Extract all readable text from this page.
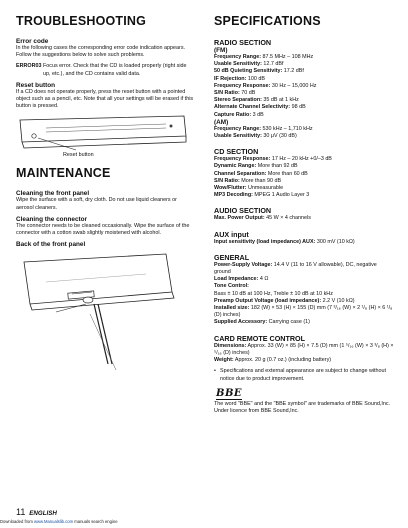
TROUBLESHOOTING
Error code

In the following cases the corresponding error code indication appears. Follow the suggestions below to solve such problems.

ERROR03 Focus error. Check that the CD is loaded properly (right side up, etc.), and the CD contains valid data.
Reset button

If a CD does not operate properly, press the reset button with a pointed object such as a pencil, etc. Note that all your settings will be erased if this button is pressed.

Reset button
MAINTENANCE
Cleaning the front panel

Wipe the surface with a soft, dry cloth. Do not use liquid cleaners or aerosol cleaners.

Cleaning the connector

The connector needs to be cleaned occasionally. Wipe the surface of the connector with a cotton swab slightly moistened with alcohol.

Back of the front panel
SPECIFICATIONS
RADIO SECTION
(FM)
Frequency Range: 87.5 MHz – 108 MHz
Usable Sensitivity: 12.7 dBf
50 dB Quieting Sensitivity: 17.2 dBf
IF Rejection: 100 dB
Frequency Response: 30 Hz – 15,000 Hz
S/N Ratio: 70 dB
Stereo Separation: 35 dB at 1 kHz
Alternate Channel Selectivity: 98 dB
Capture Ratio: 3 dB
(AM)
Frequency Range: 530 kHz – 1,710 kHz
Usable Sensitivity: 30 μV (30 dB)
CD SECTION
Frequency Response: 17 Hz – 20 kHz +0/–3 dB
Dynamic Range: More than 92 dB
Channel Separation: More than 60 dB
S/N Ratio: More than 90 dB
Wow/Flutter: Unmeasurable
MP3 Decoding: MPEG 1 Audio Layer 3
AUDIO SECTION
Max. Power Output: 45 W × 4 channels
AUX input
Input sensitivity (load impedance) AUX: 300 mV (10 kΩ)
GENERAL
Power-Supply Voltage: 14.4 V (11 to 16 V allowable), DC, negative ground
Load Impedance: 4 Ω
Tone Control:
Bass ± 10 dB at 100 Hz, Treble ± 10 dB at 10 kHz
Preamp Output Voltage (load impedance): 2.2 V (10 kΩ)
Installed size: 182 (W) × 53 (H) × 155 (D) mm (7 ³/₁₆ (W) × 2 ¹/₈ (H) × 6 ¹/₈ (D) inches)
Supplied Accessory: Carrying case (1)
CARD REMOTE CONTROL
Dimensions: Approx. 33 (W) × 85 (H) × 7.5 (D) mm (1 ⁵/₁₆ (W) × 3 ³/₈ (H) × ⁵/₁₆ (D) inches)
Weight: Approx. 20 g (0.7 oz.) (including battery)
• Specifications and external appearance are subject to change without notice due to product improvement.
BBE

The word "BBE" and the "BBE symbol" are trademarks of BBE Sound,Inc.

Under licence from BBE Sound,Inc.

11 ENGLISH
Downloaded from www.Manualslib.com manuals search engine
